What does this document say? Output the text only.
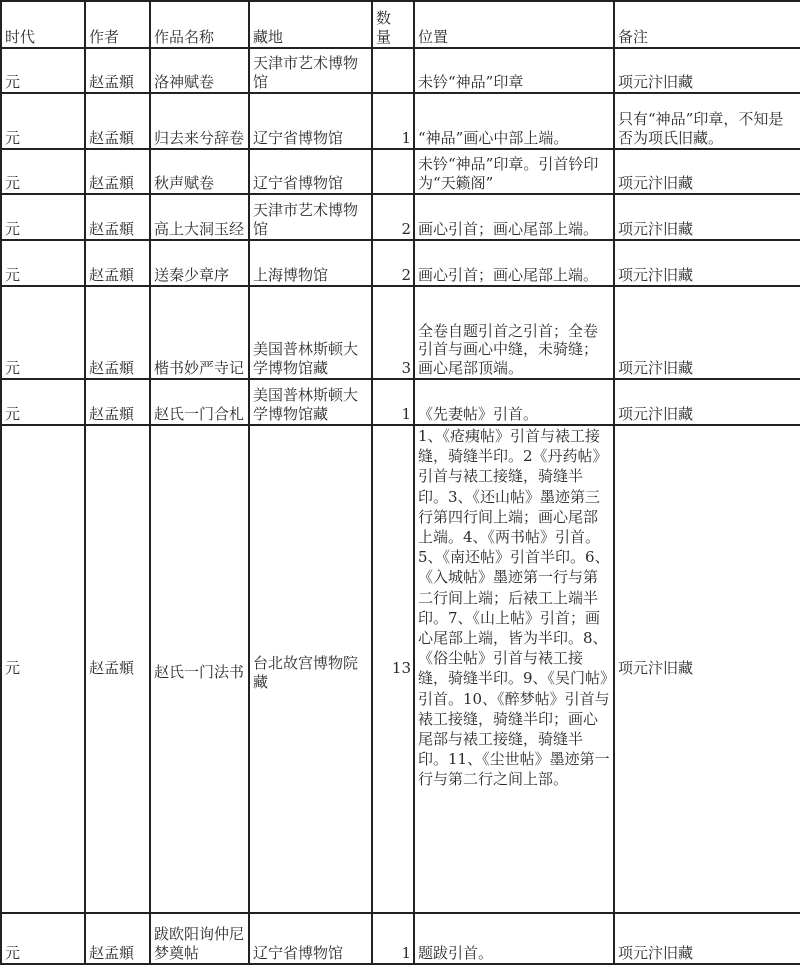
时代	作者	作品名称	藏地	数量	位置	备注
元	赵孟頫	洛神赋卷	天津市艺术博物馆		未钤“神品”印章	项元汴旧藏
元	赵孟頫	归去来兮辞卷	辽宁省博物馆	1	“神品”画心中部上端。	只有“神品”印章，不知是否为项氏旧藏。
元	赵孟頫	秋声赋卷	辽宁省博物馆		未钤“神品”印章。引首钤印为“天籁阁”	项元汴旧藏
元	赵孟頫	高上大洞玉经	天津市艺术博物馆	2	画心引首；画心尾部上端。	项元汴旧藏
元	赵孟頫	送秦少章序	上海博物馆	2	画心引首；画心尾部上端。	项元汴旧藏
元	赵孟頫	楷书妙严寺记	美国普林斯顿大学博物馆藏	3	全卷自题引首之引首；全卷引首与画心中缝，未骑缝；画心尾部顶端。	项元汴旧藏
元	赵孟頫	赵氏一门合札	美国普林斯顿大学博物馆藏	1	《先妻帖》引首。	项元汴旧藏
元	赵孟頫	赵氏一门法书	台北故宫博物院藏	13	1、《疮痍帖》引首与裱工接缝，骑缝半印。2《丹药帖》引首与裱工接缝，骑缝半印。3、《还山帖》墨迹第三行第四行间上端；画心尾部上端。4、《两书帖》引首。5、《南还帖》引首半印。6、《入城帖》墨迹第一行与第二行间上端；后裱工上端半印。7、《山上帖》引首；画心尾部上端，皆为半印。8、《俗尘帖》引首与裱工接缝，骑缝半印。9、《吴门帖》引首。10、《醉梦帖》引首与裱工接缝，骑缝半印；画心尾部与裱工接缝，骑缝半印。11、《尘世帖》墨迹第一行与第二行之间上部。	项元汴旧藏
元	赵孟頫	跋欧阳询仲尼梦奠帖	辽宁省博物馆	1	题跋引首。	项元汴旧藏
